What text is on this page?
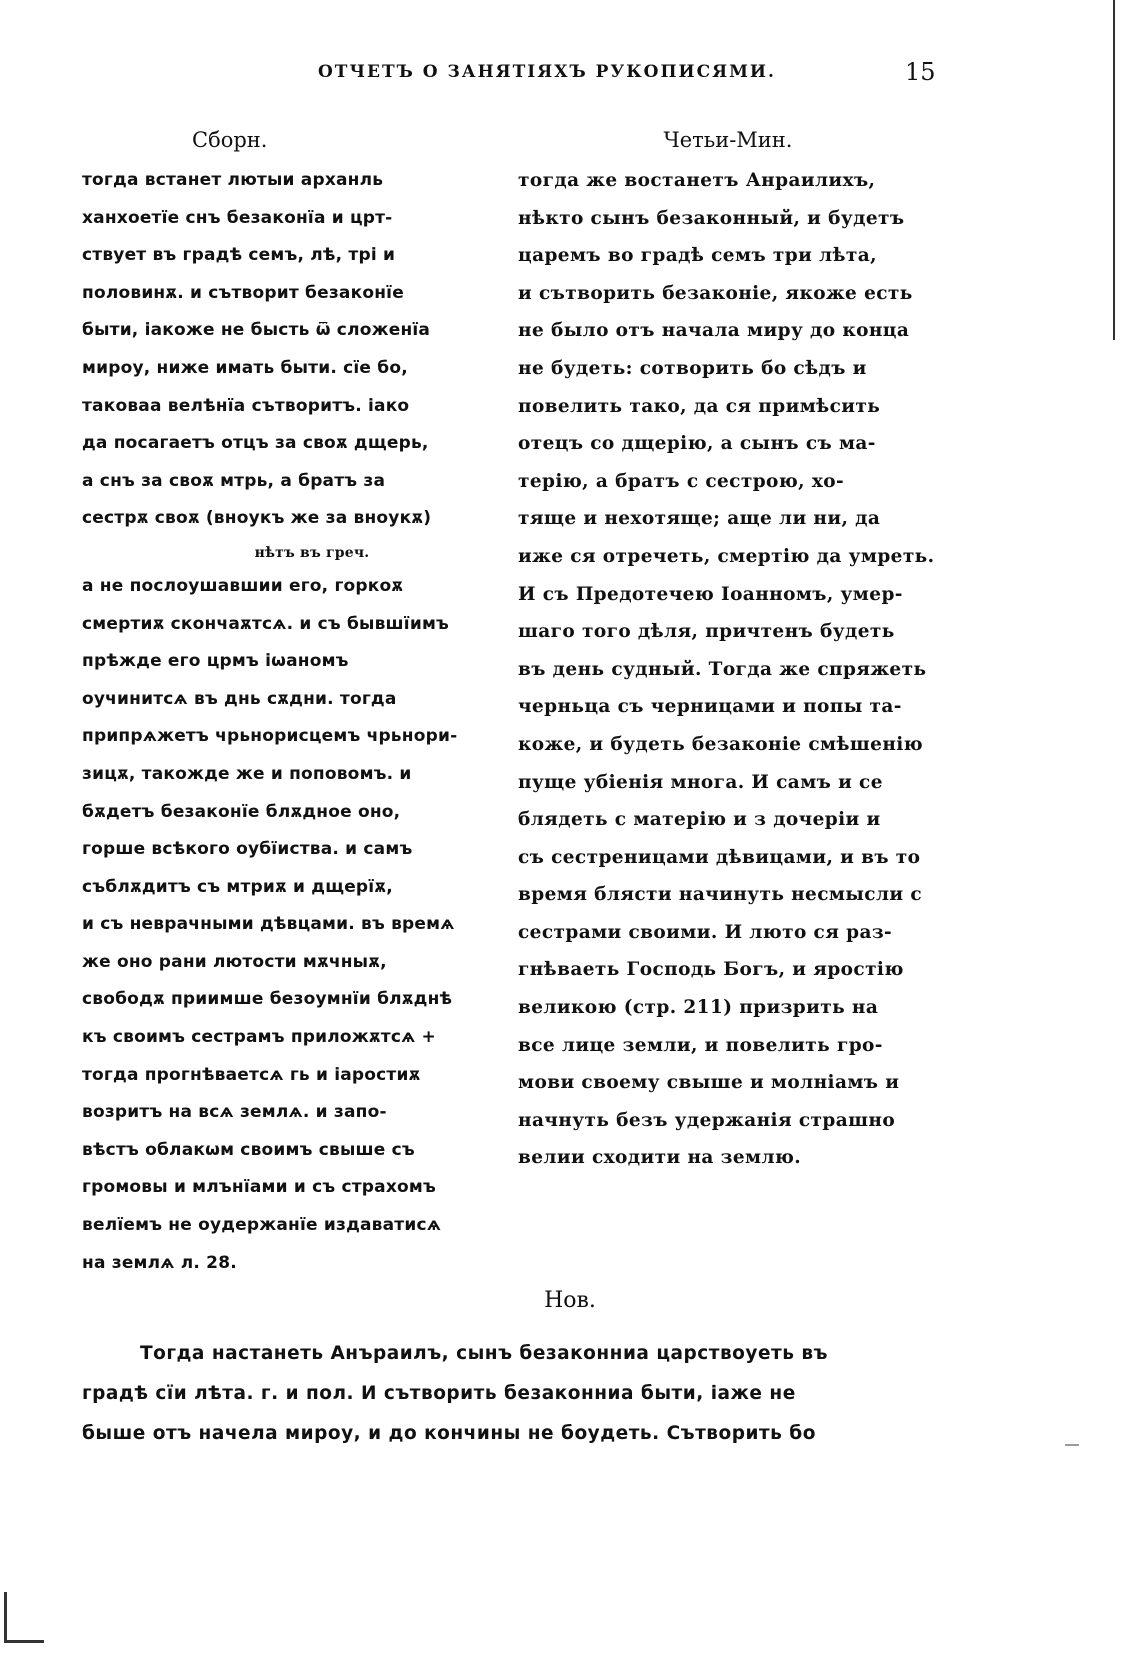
ОТЧЕТЪ О ЗАНЯТІЯХЪ РУКОПИСЯМИ.	15
Сборн.
тогда встанет лютыи арханль
ханхоетїе снъ безаконїа и црт-
ствует въ градѣ семъ, лѣ, трі и
половинѫ. и сътворит безаконїе
быти, іакоже не бысть ѿ сложенїа
мироу, ниже имать быти. сїе бо,
таковаа велѣнїа сътворитъ. іако
да посагаетъ отцъ за своѫ дщерь,
а снъ за своѫ мтрь, а братъ за
сестрѫ своѫ (вноукъ же за вноукѫ)
нѣтъ въ греч.
а не послоушавшии его, горкоѫ
смертиѫ скончаѫтсѧ. и съ бывшїимъ
прѣжде его црмъ іѡаномъ
оучинитсѧ въ днь сѫдни. тогда
припрѧжетъ чрьнорисцемъ чрьнори-
зицѫ, такожде же и поповомъ. и
бѫдетъ безаконїе блѫдное оно,
горше всѣкого оубїиства. и самъ
съблѫдитъ съ мтриѫ и дщерїѫ,
и съ неврачными дѣвцами. въ времѧ
же оно рани лютости мѫчныѫ,
свободѫ приимше безоумнїи блѫднѣ
къ своимъ сестрамъ приложѫтсѧ +
тогда прогнѣваетсѧ гь и іаростиѫ
возритъ на всѧ землѧ. и запо-
вѣстъ облакѡм своимъ свыше съ
громовы и млънїами и съ страхомъ
велїемъ не оудержанїе издаватисѧ
на землѧ л. 28.
Четьи-Мин.
тогда же востанетъ Анраилихъ,
нѣкто сынъ безаконный, и будетъ
царемъ во градѣ семъ три лѣта,
и сътворить безаконіе, якоже есть
не было отъ начала миру до конца
не будеть: сотворить бо сѣдъ и
повелить тако, да ся примѣсить
отецъ со дщерію, а сынъ съ ма-
терію, а братъ с сестрою, хо-
тяще и нехотяще; аще ли ни, да
иже ся отречеть, смертію да умреть.
И съ Предотечею Іоанномъ, умер-
шаго того дѣля, причтенъ будеть
въ день судный. Тогда же спряжеть
черньца съ черницами и попы та-
коже, и будеть безаконіе смѣшенію
пуще убіенія многа. И самъ и се
блядеть с матерію и з дочеріи и
съ сестреницами дѣвицами, и въ то
время блясти начинуть несмысли с
сестрами своими. И люто ся раз-
гнѣваеть Господь Богъ, и яростію
великою (стр. 211) призрить на
все лице земли, и повелить гро-
мови своему свыше и молніамъ и
начнуть безъ удержанія страшно
велии сходити на землю.
Нов.
Тогда настанеть Анъраилъ, сынъ безаконниа царствоуеть въ
градѣ сїи лѣта. г. и пол. И сътворить безаконниа быти, іаже не
быше отъ начела мироу, и до кончины не боудеть. Сътворить бо
